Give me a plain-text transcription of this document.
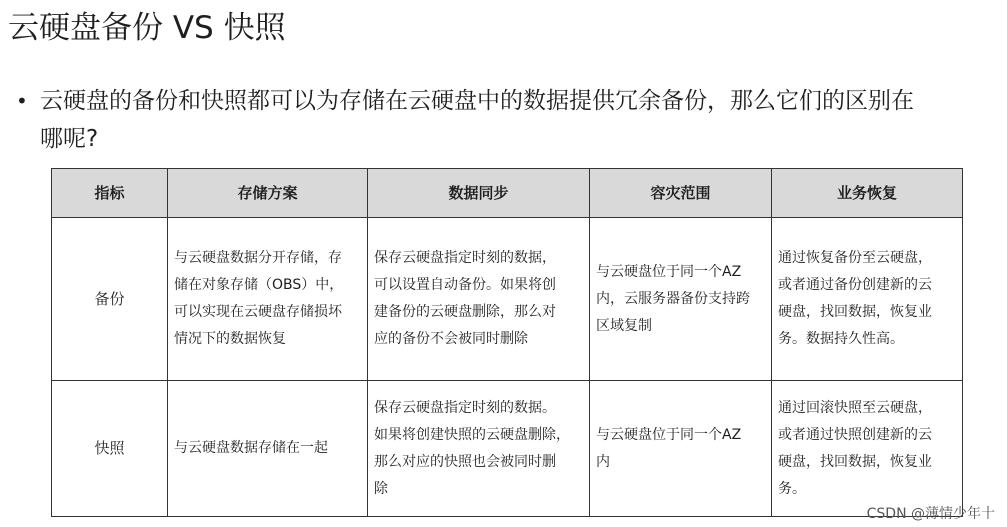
云硬盘备份 VS 快照
• 云硬盘的备份和快照都可以为存储在云硬盘中的数据提供冗余备份，那么它们的区别在
哪呢?
指标	存储方案	数据同步	容灾范围	业务恢复
备份	与云硬盘数据分开存储，存
储在对象存储（OBS）中，
可以实现在云硬盘存储损坏
情况下的数据恢复	保存云硬盘指定时刻的数据，
可以设置自动备份。如果将创
建备份的云硬盘删除，那么对
应的备份不会被同时删除	与云硬盘位于同一个AZ
内，云服务器备份支持跨
区域复制	通过恢复备份至云硬盘，
或者通过备份创建新的云
硬盘，找回数据，恢复业
务。数据持久性高。

快照	与云硬盘数据存储在一起	保存云硬盘指定时刻的数据。
如果将创建快照的云硬盘删除，
那么对应的快照也会被同时删
除	与云硬盘位于同一个AZ
内	通过回滚快照至云硬盘，
或者通过快照创建新的云
硬盘，找回数据，恢复业
务。
CSDN @薄情少年十
